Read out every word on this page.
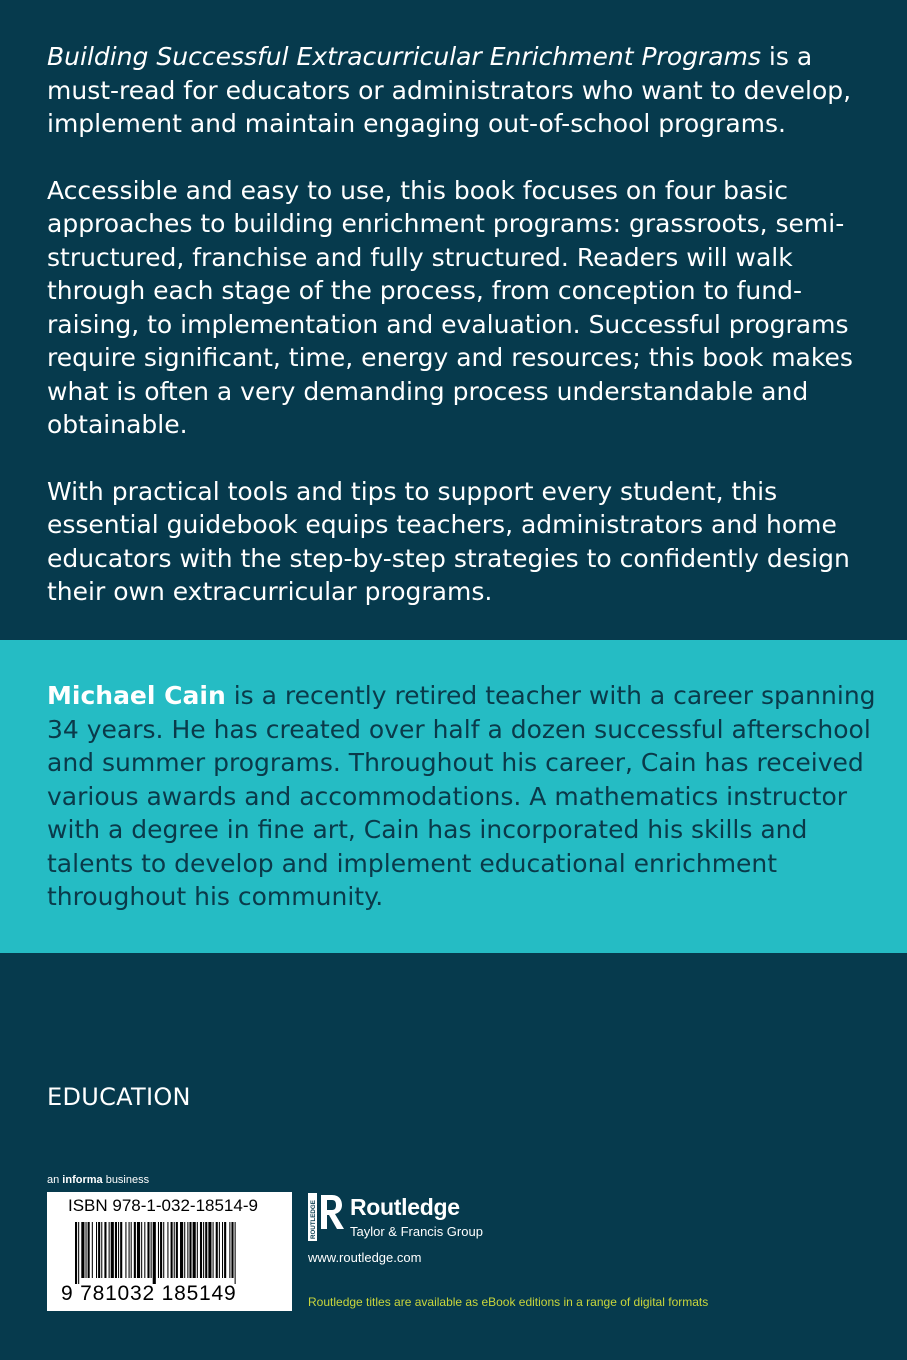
Building Successful Extracurricular Enrichment Programs is a must-read for educators or administrators who want to develop, implement and maintain engaging out-of-school programs.

Accessible and easy to use, this book focuses on four basic approaches to building enrichment programs: grassroots, semi-structured, franchise and fully structured. Readers will walk through each stage of the process, from conception to fund-raising, to implementation and evaluation. Successful programs require significant, time, energy and resources; this book makes what is often a very demanding process understandable and obtainable.

With practical tools and tips to support every student, this essential guidebook equips teachers, administrators and home educators with the step-by-step strategies to confidently design their own extracurricular programs.

Michael Cain is a recently retired teacher with a career spanning 34 years. He has created over half a dozen successful afterschool and summer programs. Throughout his career, Cain has received various awards and accommodations. A mathematics instructor with a degree in fine art, Cain has incorporated his skills and talents to develop and implement educational enrichment throughout his community.

EDUCATION
an informa business
ISBN 978-1-032-18514-9
9 781032 185149
ROUTLEDGE Routledge
Taylor & Francis Group
www.routledge.com
Routledge titles are available as eBook editions in a range of digital formats
